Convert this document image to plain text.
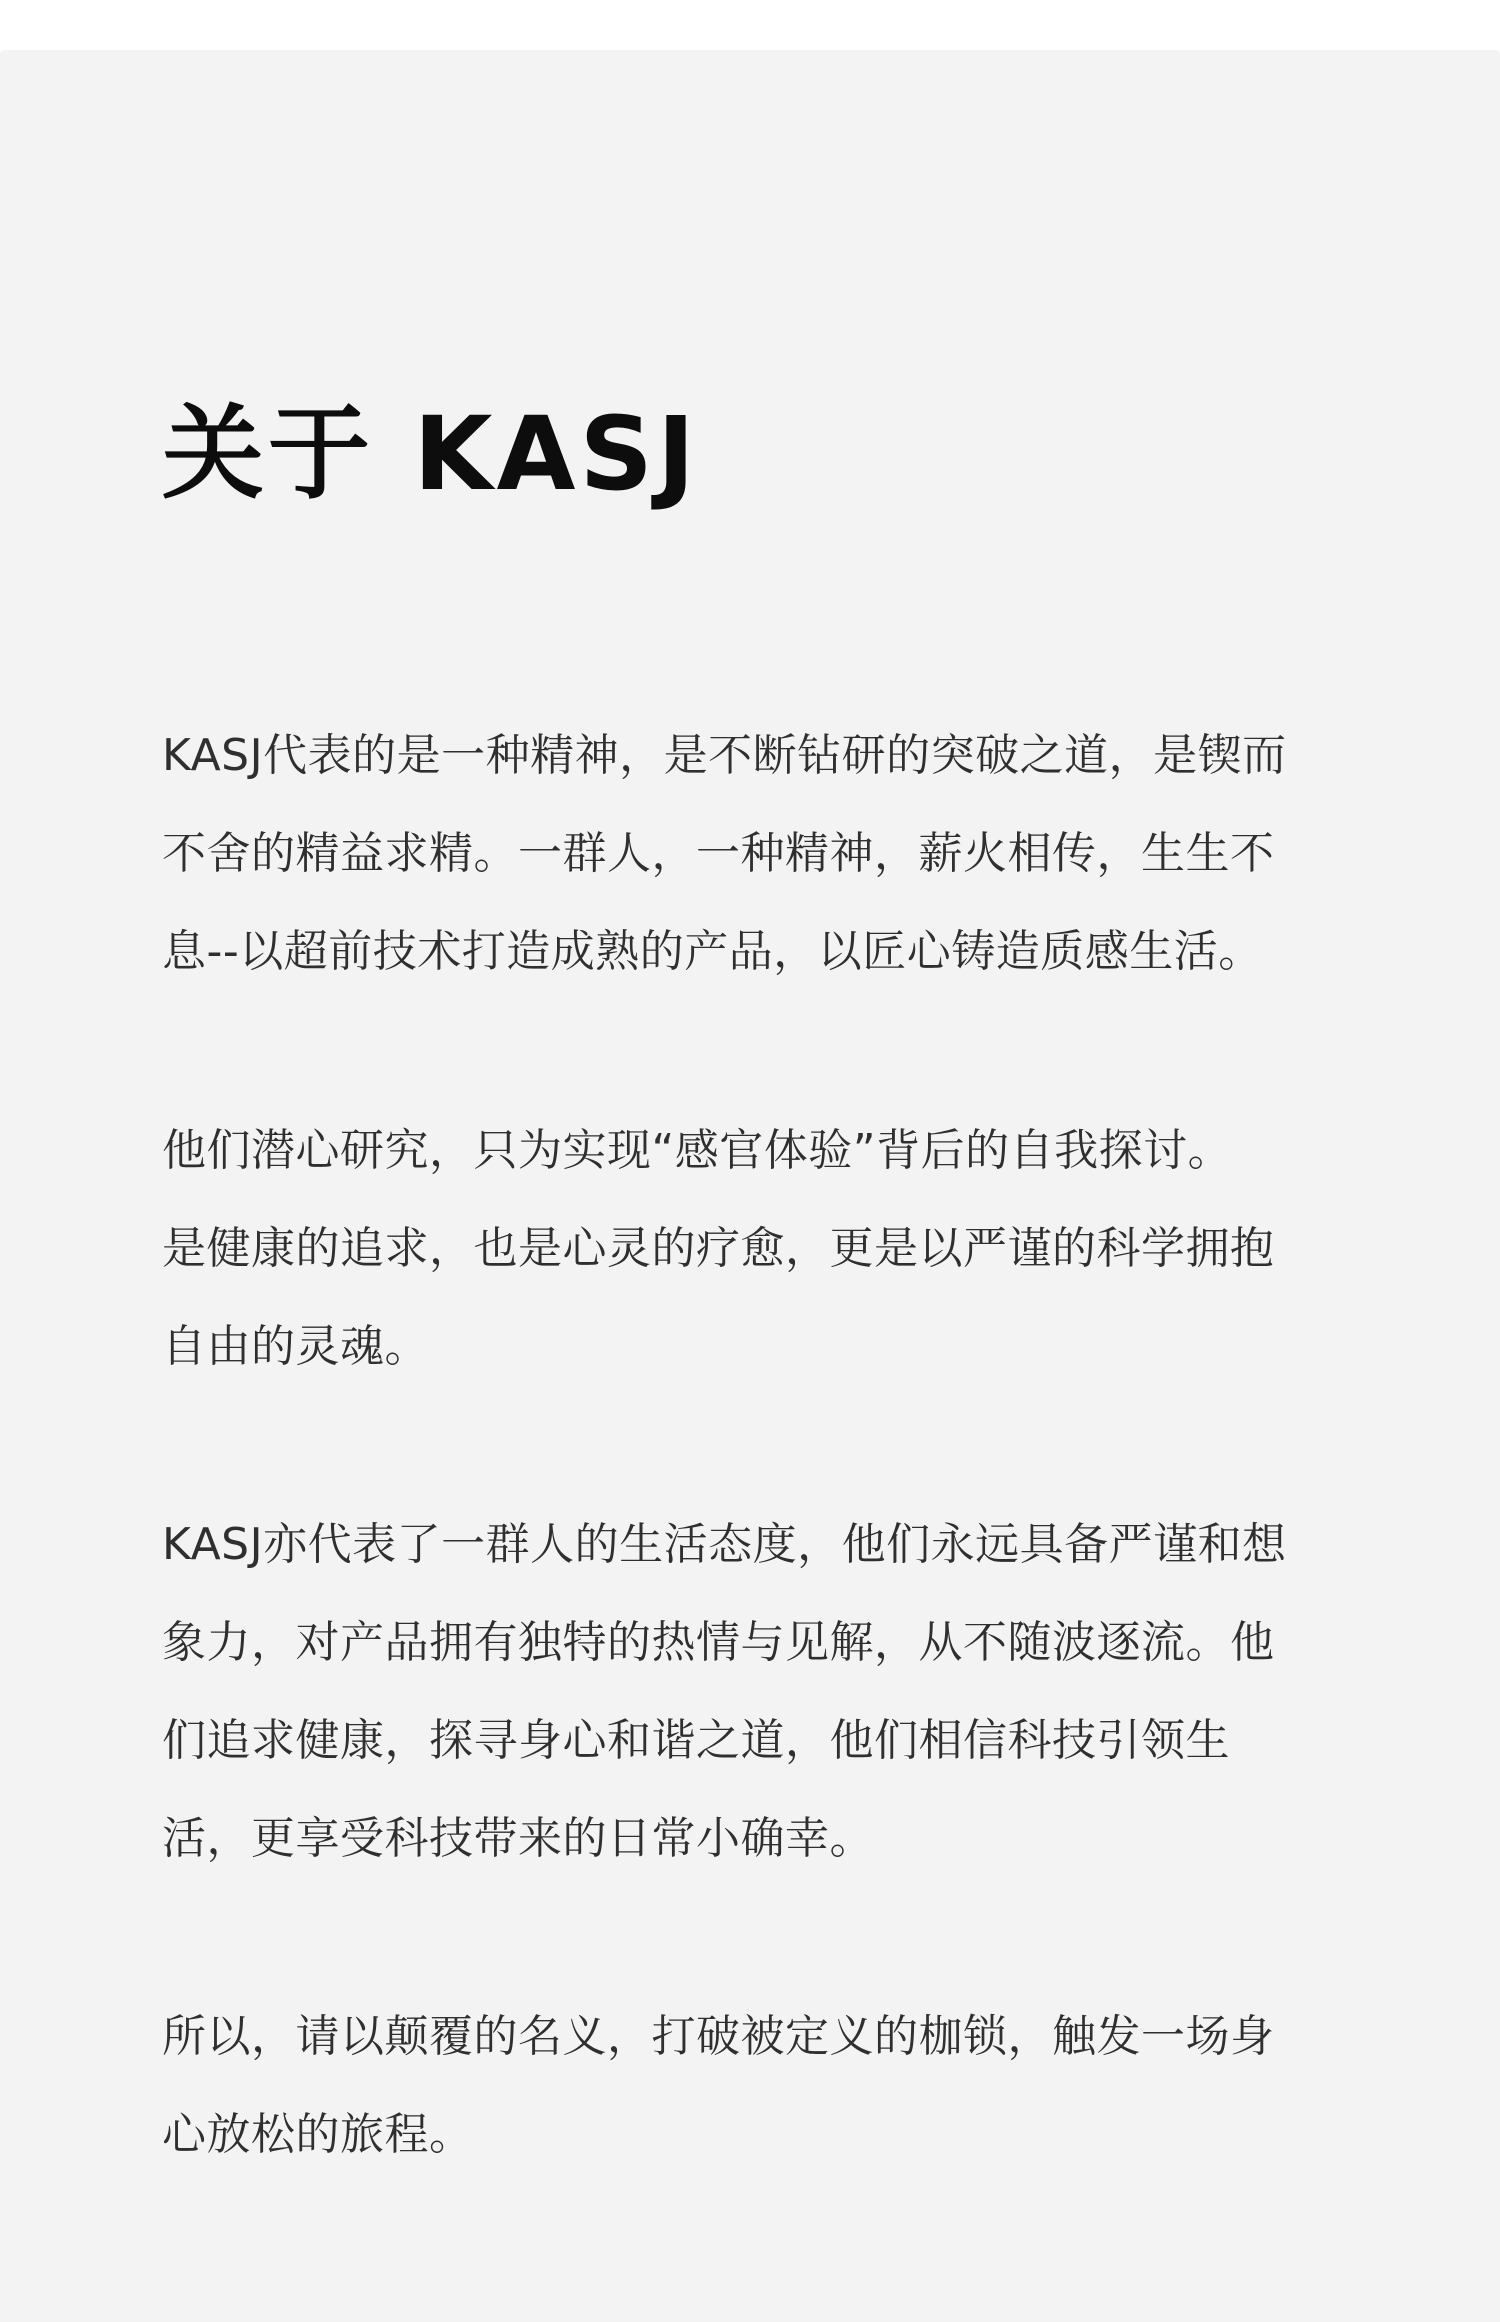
关于 KASJ

KASJ代表的是一种精神，是不断钻研的突破之道，是锲而
不舍的精益求精。一群人，一种精神，薪火相传，生生不
息--以超前技术打造成熟的产品，以匠心铸造质感生活。

他们潜心研究，只为实现“感官体验”背后的自我探讨。
是健康的追求，也是心灵的疗愈，更是以严谨的科学拥抱
自由的灵魂。

KASJ亦代表了一群人的生活态度，他们永远具备严谨和想
象力，对产品拥有独特的热情与见解，从不随波逐流。他
们追求健康，探寻身心和谐之道，他们相信科技引领生
活，更享受科技带来的日常小确幸。

所以，请以颠覆的名义，打破被定义的枷锁，触发一场身
心放松的旅程。
